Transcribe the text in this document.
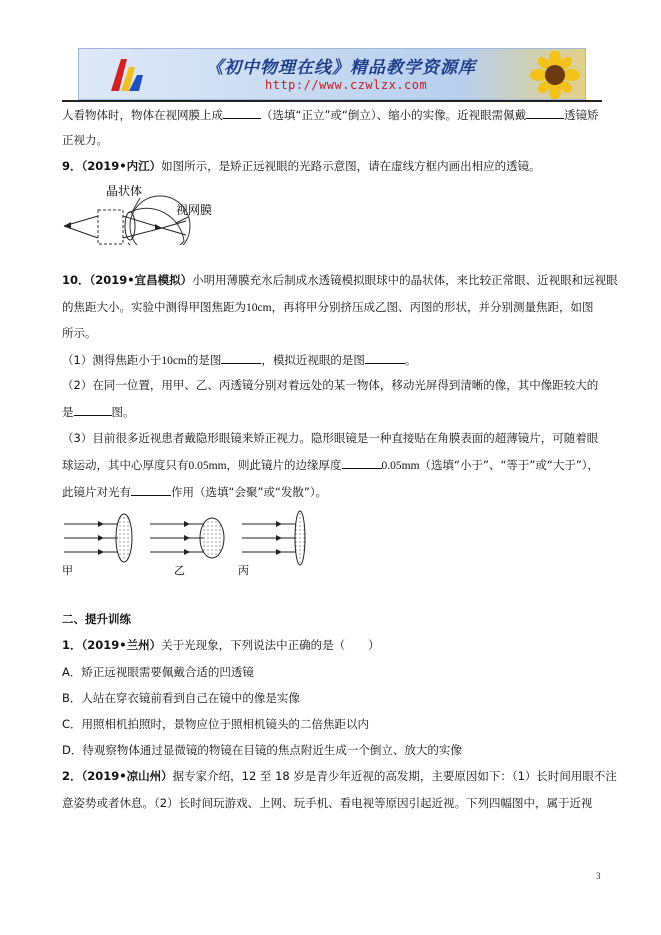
《初中物理在线》精品教学资源库
http://www.czwlzx.com
人看物体时，物体在视网膜上成	（选填“正立”或“倒立）、缩小的实像。近视眼需佩戴	透镜矫
正视力。
9．（2019•内江）如图所示，是矫正远视眼的光路示意图，请在虚线方框内画出相应的透镜。
晶状体
视网膜
10．（2019•宜昌模拟）小明用薄膜充水后制成水透镜模拟眼球中的晶状体，来比较正常眼、近视眼和远视眼
的焦距大小。实验中测得甲图焦距为10cm，再将甲分别挤压成乙图、丙图的形状，并分别测量焦距，如图
所示。
（1）测得焦距小于10cm的是图	，模拟近视眼的是图	。
（2）在同一位置，用甲、乙、丙透镜分别对着远处的某一物体，移动光屏得到清晰的像，其中像距较大的
是	图。
（3）目前很多近视患者戴隐形眼镜来矫正视力。隐形眼镜是一种直接贴在角膜表面的超薄镜片，可随着眼
球运动，其中心厚度只有0.05mm，则此镜片的边缘厚度	0.05mm（选填“小于”、“等于”或“大于”），
此镜片对光有	作用（选填“会聚”或“发散”）。
甲	乙	丙
二、提升训练
1．（2019•兰州）关于光现象，下列说法中正确的是（　　）
A．矫正远视眼需要佩戴合适的凹透镜
B．人站在穿衣镜前看到自己在镜中的像是实像
C．用照相机拍照时，景物应位于照相机镜头的二倍焦距以内
D．待观察物体通过显微镜的物镜在目镜的焦点附近生成一个倒立、放大的实像
2．（2019•凉山州）据专家介绍，12 至 18 岁是青少年近视的高发期，主要原因如下：（1）长时间用眼不注
意姿势或者休息。（2）长时间玩游戏、上网、玩手机、看电视等原因引起近视。下列四幅图中，属于近视
3
